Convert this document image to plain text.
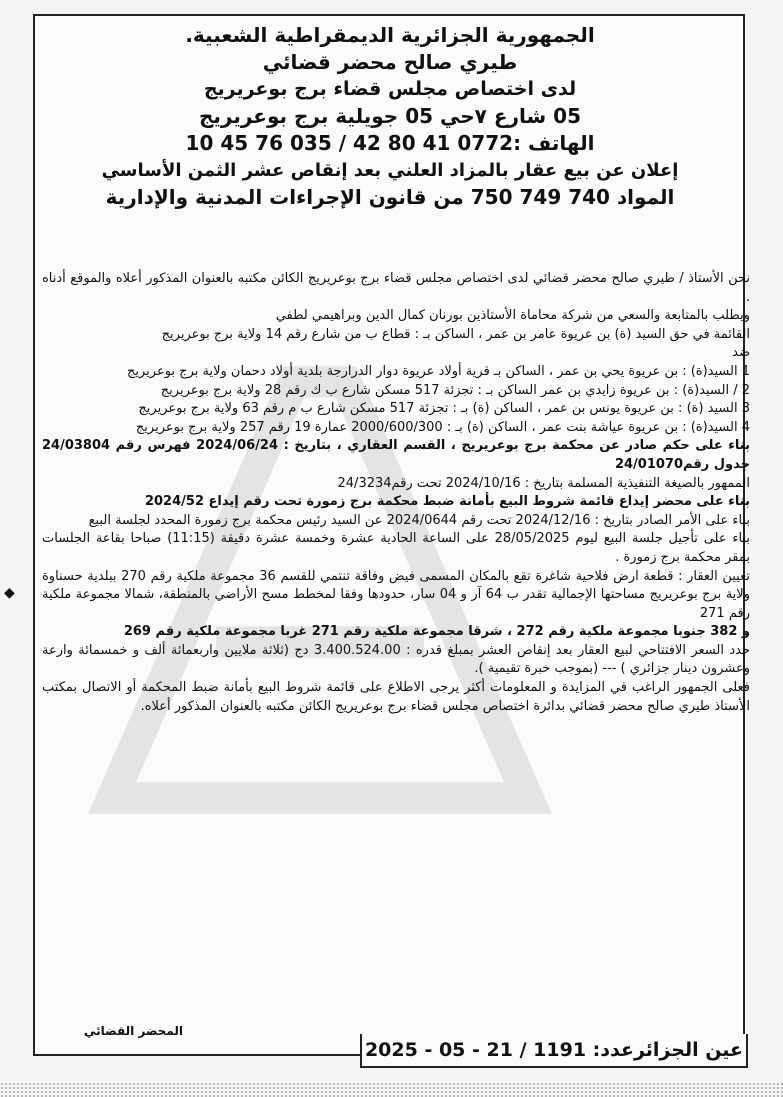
الجمهورية الجزائرية الديمقراطية الشعبية.
طيري صالح محضر قضائي
لدى اختصاص مجلس قضاء برج بوعريريج
05 شارع ٧حي 05 جويلية برج بوعريريج
الهاتف :0772 41 80 42 / 035 76 45 10
إعلان عن بيع عقار بالمزاد العلني بعد إنقاص عشر الثمن الأساسي
المواد 740 749 750 من قانون الإجراءات المدنية والإدارية

نحن الأستاذ / طيري صالح محضر قضائي لدى اختصاص مجلس قضاء برج بوعريريج الكائن مكتبه بالعنوان المذكور أعلاه والموقع أدناه .

ويطلب بالمتابعة والسعي من شركة محاماة الأستاذين بورنان كمال الدين وبراهيمي لطفي

القائمة في حق السيد (ة) بن عريوة عامر بن عمر ، الساكن بـ : قطاع ب من شارع رقم 14 ولاية برج بوعريريج

ضد

1 السيد(ة) : بن عريوة يحي بن عمر ، الساكن بـ قرية أولاد عريوة دوار الدرارجة بلدية أولاد دحمان ولاية برج بوعريريج

2 / السيد(ة) : بن عريوة زايدي بن عمر الساكن بـ : تجزئة 517 مسكن شارع ب ك رقم 28 ولاية برج بوعريريج

3 السيد (ة) : بن عريوة يونس بن عمر ، الساكن (ة) بـ : تجزئة 517 مسكن شارع ب م رقم 63 ولاية برج بوعريريج

4 السيد(ة) : بن عريوة عياشة بنت عمر ، الساكن (ة) بـ : 2000/600/300 عمارة 19 رقم 257 ولاية برج بوعريريج

بناء على حكم صادر عن محكمة برج بوعريريج ، القسم العقاري ، بتاريخ : 2024/06/24 فهرس رقم 24/03804 جدول رقم24/01070

الممهور بالصيغة التنفيذية المسلمة بتاريخ : 2024/10/16 تحت رقم24/3234

بناء على محضر إيداع قائمة شروط البيع بأمانة ضبط محكمة برج زمورة تحت رقم إيداع 2024/52

بناء على الأمر الصادر بتاريخ : 2024/12/16 تحت رقم 2024/0644 عن السيد رئيس محكمة برج زمورة المحدد لجلسة البيع

بناء على تأجيل جلسة البيع ليوم 28/05/2025 على الساعة الحادية عشرة وخمسة عشرة دقيقة (11:15) صباحا بقاعة الجلسات بمقر محكمة برج زمورة .

تعيين العقار : قطعة ارض فلاحية شاغرة تقع بالمكان المسمى فيض وفاقة تنتمي للقسم 36 مجموعة ملكية رقم 270 ببلدية حسناوة ولاية برج بوعريريج مساحتها الإجمالية تقدر ب 64 آر و 04 سار، حدودها وفقا لمخطط مسح الأراضي بالمنطقة، شمالا مجموعة ملكية رقم 271

و 382 جنوبا مجموعة ملكية رقم 272 ، شرقا مجموعة ملكية رقم 271 غربا مجموعة ملكية رقم 269

حدد السعر الافتتاحي لبيع العقار بعد إنقاص العشر بمبلغ قدره : 3.400.524.00 دج (ثلاثة ملايين واربعمائة ألف و خمسمائة وارعة وعشرون دينار جزائري ) --- (بموجب خبرة تقيمية ).

فعلى الجمهور الراغب في المزايدة و المعلومات أكثر يرجى الاطلاع على قائمة شروط البيع بأمانة ضبط المحكمة أو الاتصال بمكتب الأستاذ طيري صالح محضر قضائي بدائرة اختصاص مجلس قضاء برج بوعريريج الكائن مكتبه بالعنوان المذكور أعلاه.

المحضر القضائي
عين الجزائرعدد: 1191 / 21 - 05 - 2025
◆
